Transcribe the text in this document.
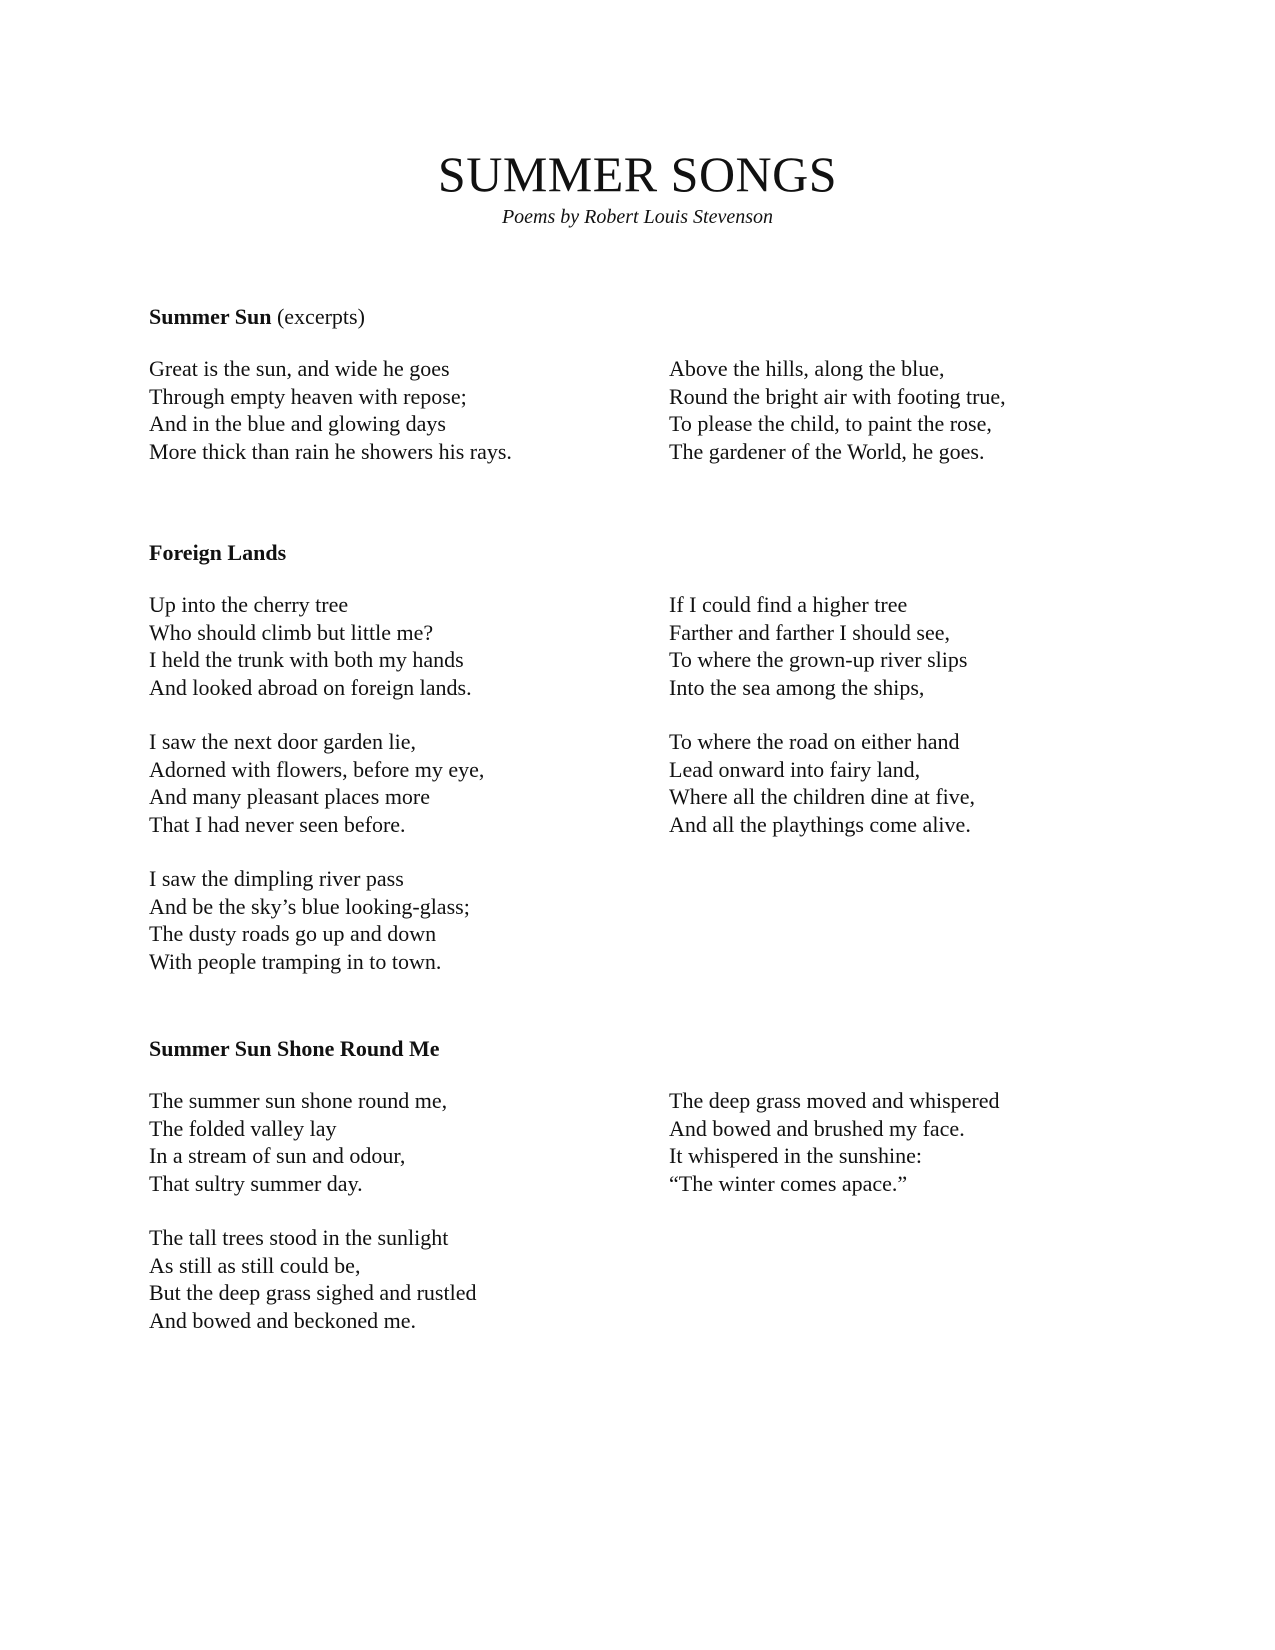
SUMMER SONGS

Poems by Robert Louis Stevenson

Summer Sun (excerpts)
Great is the sun, and wide he goes
Through empty heaven with repose;
And in the blue and glowing days
More thick than rain he showers his rays.
Above the hills, along the blue,
Round the bright air with footing true,
To please the child, to paint the rose,
The gardener of the World, he goes.
Foreign Lands
Up into the cherry tree
Who should climb but little me?
I held the trunk with both my hands
And looked abroad on foreign lands.
I saw the next door garden lie,
Adorned with flowers, before my eye,
And many pleasant places more
That I had never seen before.
I saw the dimpling river pass
And be the sky’s blue looking-glass;
The dusty roads go up and down
With people tramping in to town.
If I could find a higher tree
Farther and farther I should see,
To where the grown-up river slips
Into the sea among the ships,
To where the road on either hand
Lead onward into fairy land,
Where all the children dine at five,
And all the playthings come alive.
Summer Sun Shone Round Me
The summer sun shone round me,
The folded valley lay
In a stream of sun and odour,
That sultry summer day.
The tall trees stood in the sunlight
As still as still could be,
But the deep grass sighed and rustled
And bowed and beckoned me.
The deep grass moved and whispered
And bowed and brushed my face.
It whispered in the sunshine:
“The winter comes apace.”
